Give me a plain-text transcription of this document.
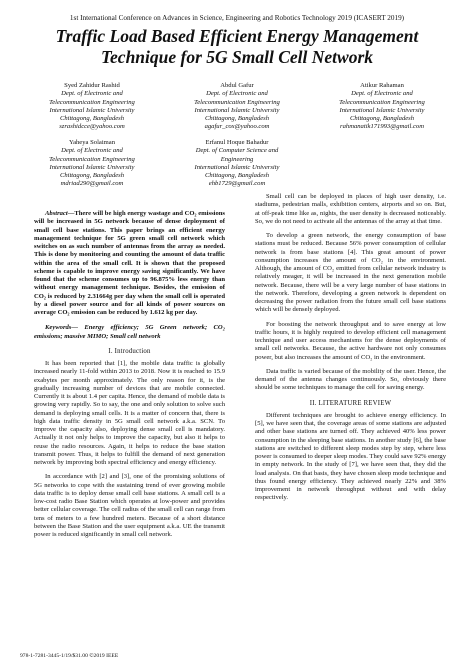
1st International Conference on Advances in Science, Engineering and Robotics Technology 2019 (ICASERT 2019)
Traffic Load Based Efficient Energy Management
Technique for 5G Small Cell Network
Syed Zahidur Rashid
Dept. of Electronic and
Telecommunication Engineering
International Islamic University
Chittagong, Bangladesh
szrashidcce@yahoo.com
Abdul Gafur
Dept. of Electronic and
Telecommunication Engineering
International Islamic University
Chittagong, Bangladesh
agafur_cox@yahoo.com
Atikur Rahaman
Dept. of Electronic and
Telecommunication Engineering
International Islamic University
Chittagong, Bangladesh
rahmanatik171993@gmail.com
Yaheya Solaiman
Dept. of Electronic and
Telecommunication Engineering
International Islamic University
Chittagong, Bangladesh
mdriad290@gmail.com
Erfanul Hoque Bahadur
Dept. of Computer Science and
Engineering
International Islamic University
Chittagong, Bangladesh
ehb1729@gmail.com

Abstract—There will be high energy wastage and CO₂ emissions will be increased in 5G network because of dense deployment of small cell base stations. This paper brings an efficient energy management technique for 5G green small cell network which switches on as such number of antennas from the array as needed. This is done by monitoring and counting the amount of data traffic within the area of the small cell. It is shown that the proposed scheme is capable to improve energy saving significantly. We have found that the scheme consumes up to 96.875% less energy than without energy management technique. Besides, the emission of CO₂ is reduced by 2.31664g per day when the small cell is operated by a diesel power source and for all kinds of power sources on average CO₂ emission can be reduced by 1.612 kg per day.

Keywords— Energy efficiency; 5G Green network; CO₂ emissions; massive MIMO; Small cell network

I. Introduction

It has been reported that [1], the mobile data traffic is globally increased nearly 11-fold within 2013 to 2018. Now it is reached to 15.9 exabytes per month approximately. The only reason for it, is the gradually increasing number of devices that are mobile connected. Currently it is about 1.4 per capita. Hence, the demand of mobile data is growing very rapidly. So to say, the one and only solution to solve such demand is deploying small cells. It is a matter of concern that, there is high data traffic density in 5G small cell network a.k.a. SCN. To improve the capacity also, deploying dense small cell is mandatory. Actually it not only helps to improve the capacity, but also it helps to reuse the radio resources. Again, it helps to reduce the base station transmit power. Thus, it helps to fulfill the demand of next generation network by improving both spectral efficiency and energy efficiency.

In accordance with [2] and [3], one of the promising solutions of 5G networks to cope with the sustaining trend of ever growing mobile data traffic is to deploy dense small cell base stations. A small cell is a low-cost radio Base Station which operates at low-power and provides better cellular coverage. The cell radius of the small cell can range from tens of meters to a few hundred meters. Because of a short distance between the Base Station and the user equipment a.k.a. UE the transmit power is reduced significantly in small cell network.

Small cell can be deployed in places of high user density, i.e. stadiums, pedestrian malls, exhibition centers, airports and so on. But, at off-peak time like as, nights, the user density is decreased noticeably. So, we do not need to activate all the antennas of the array at that time.

To develop a green network, the energy consumption of base stations must be reduced. Because 56% power consumption of cellular network is from base stations [4]. This great amount of power consumption increases the amount of CO₂ in the environment. Although, the amount of CO₂ emitted from cellular network industry is relatively meager, it will be increased in the next generation mobile network. Because, there will be a very large number of base stations in the network. Therefore, developing a green network is dependent on decreasing the power radiation from the future small cell base stations which will be densely deployed.

For boosting the network throughput and to save energy at low traffic hours, it is highly required to develop efficient cell management technique and user access mechanisms for the dense deployments of small cell networks. Because, the active hardware not only consumes power, but also increases the amount of CO₂ in the environment.

Data traffic is varied because of the mobility of the user. Hence, the demand of the antenna changes continuously. So, obviously there should be some techniques to manage the cell for saving energy.

II. LITERATURE REVIEW

Different techniques are brought to achieve energy efficiency. In [5], we have seen that, the coverage areas of some stations are adjusted and other base stations are turned off. They achieved 40% less power consumption in the sleeping base stations. In another study [6], the base stations are switched to different sleep modes step by step, where less power is consumed to deeper sleep modes. They could save 92% energy in empty network. In the study of [7], we have seen that, they did the load analysis. On that basis, they have chosen sleep mode technique and thus found energy efficiency. They achieved nearly 22% and 38% improvement in network throughput without and with delay respectively.

978-1-7281-3445-1/19/$31.00 ©2019 IEEE
